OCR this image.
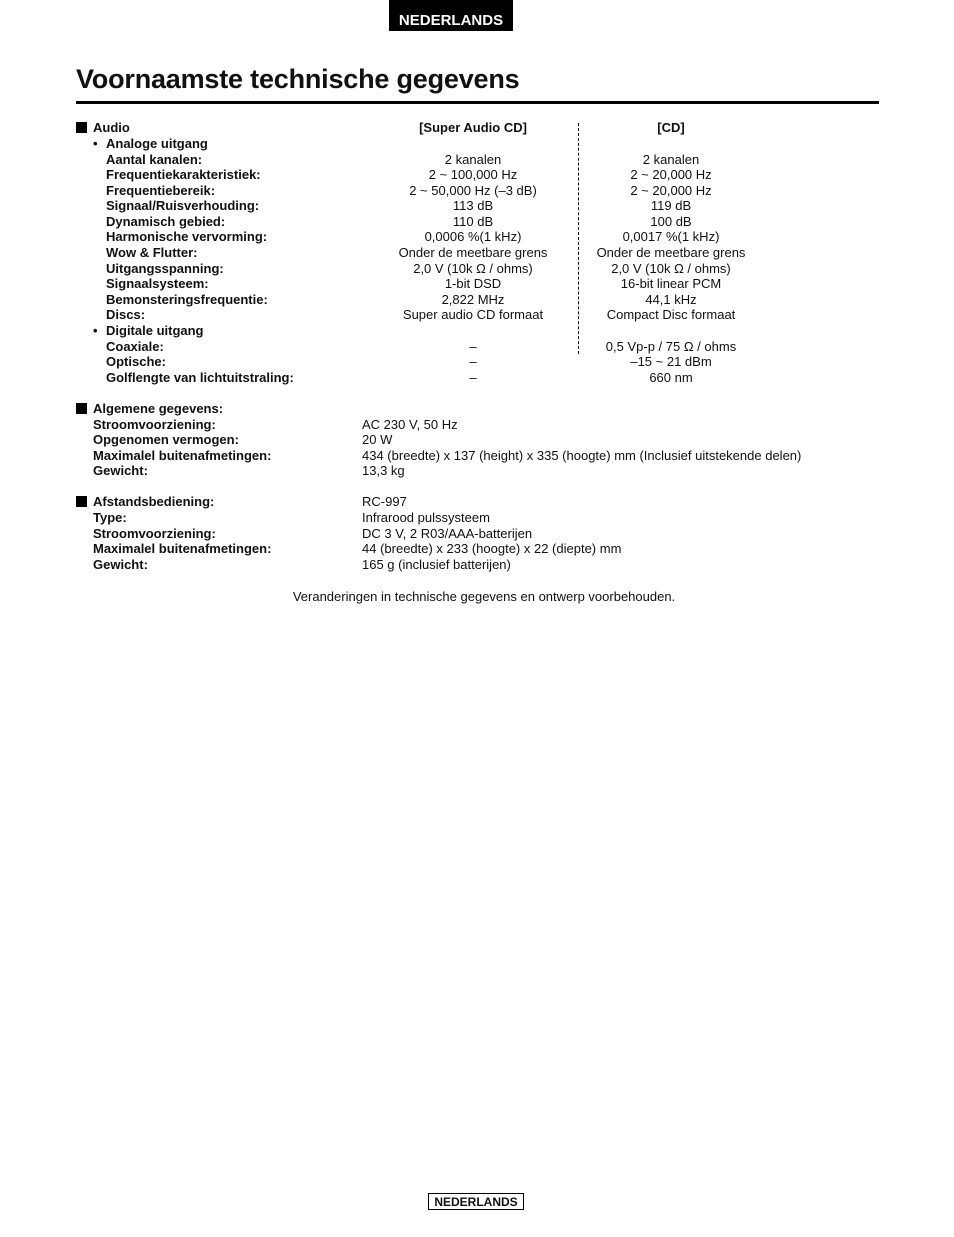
NEDERLANDS
Voornaamste technische gegevens
Audio	[Super Audio CD]	[CD]
• Analoge uitgang
Aantal kanalen:	2 kanalen	2 kanalen
Frequentiekarakteristiek:	2 ~ 100,000 Hz	2 ~ 20,000 Hz
Frequentiebereik:	2 ~ 50,000 Hz (–3 dB)	2 ~ 20,000 Hz
Signaal/Ruisverhouding:	113 dB	119 dB
Dynamisch gebied:	110 dB	100 dB
Harmonische vervorming:	0,0006 %(1 kHz)	0,0017 %(1 kHz)
Wow & Flutter:	Onder de meetbare grens	Onder de meetbare grens
Uitgangsspanning:	2,0 V (10k Ω / ohms)	2,0 V (10k Ω / ohms)
Signaalsysteem:	1-bit DSD	16-bit linear PCM
Bemonsteringsfrequentie:	2,822 MHz	44,1 kHz
Discs:	Super audio CD formaat	Compact Disc formaat
• Digitale uitgang
Coaxiale:	–	0,5 Vp-p / 75 Ω / ohms
Optische:	–	–15 ~ 21 dBm
Golflengte van lichtuitstraling:	–	660 nm
Algemene gegevens:
Stroomvoorziening:	AC 230 V, 50 Hz
Opgenomen vermogen:	20 W
Maximalel buitenafmetingen:	434 (breedte) x 137 (height) x 335 (hoogte) mm (Inclusief uitstekende delen)
Gewicht:	13,3 kg
Afstandsbediening:	RC-997
Type:	Infrarood pulssysteem
Stroomvoorziening:	DC 3 V, 2 R03/AAA-batterijen
Maximalel buitenafmetingen:	44 (breedte) x 233 (hoogte) x 22 (diepte) mm
Gewicht:	165 g (inclusief batterijen)
Veranderingen in technische gegevens en ontwerp voorbehouden.
NEDERLANDS
